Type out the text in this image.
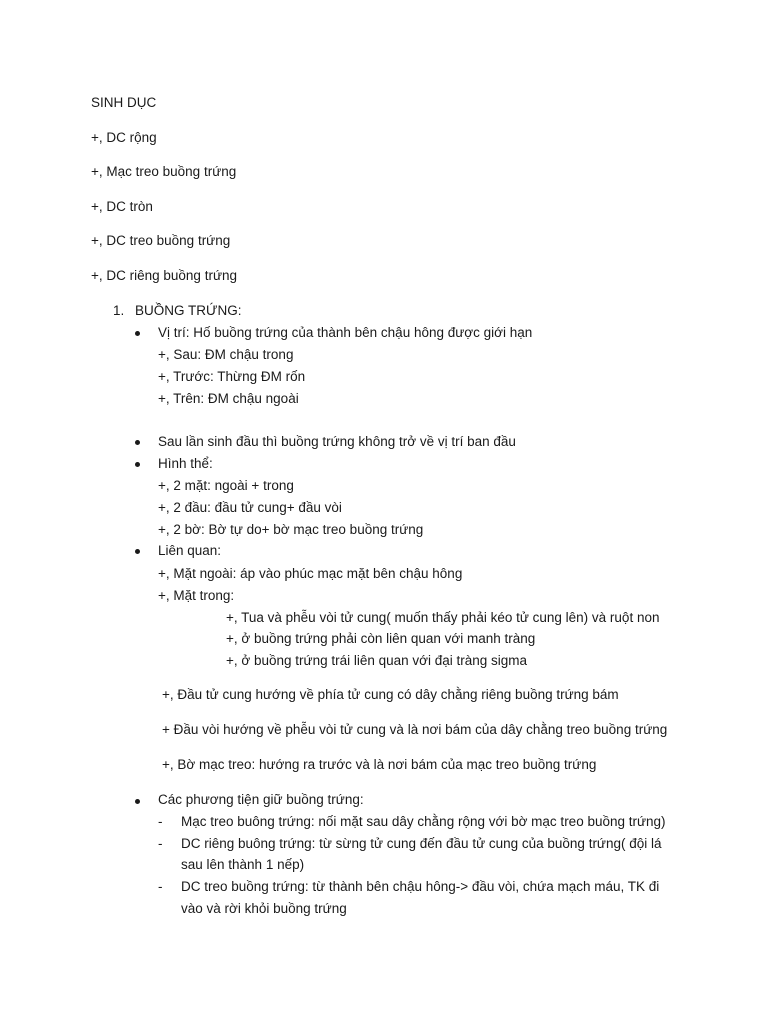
SINH DỤC
+, DC rộng
+, Mạc treo buồng trứng
+, DC tròn
+, DC treo buồng trứng
+, DC riêng buồng trứng
1. BUỒNG TRỨNG:
Vị trí: Hố buồng trứng của thành bên chậu hông được giới hạn
+, Sau: ĐM chậu trong
+, Trước: Thừng ĐM rốn
+, Trên: ĐM chậu ngoài
Sau lần sinh đầu thì buồng trứng không trở về vị trí ban đầu
Hình thể:
+, 2 mặt: ngoài + trong
+, 2 đầu: đầu tử cung+ đầu vòi
+, 2 bờ: Bờ tự do+ bờ mạc treo buồng trứng
Liên quan:
+, Mặt ngoài: áp vào phúc mạc mặt bên chậu hông
+, Mặt trong:
+, Tua và phễu vòi tử cung( muốn thấy phải kéo tử cung lên) và ruột non
+, ở buồng trứng phải còn liên quan với manh tràng
+, ở buồng trứng trái liên quan với đại tràng sigma
+, Đầu tử cung hướng về phía tử cung có dây chằng riêng buồng trứng bám
+ Đầu vòi hướng về phễu vòi tử cung và là nơi bám của dây chằng treo buồng trứng
+, Bờ mạc treo: hướng ra trước và là nơi bám của mạc treo buồng trứng
Các phương tiện giữ buồng trứng:
- Mạc treo buông trứng: nối mặt sau dây chằng rộng với bờ mạc treo buồng trứng)
- DC riêng buông trứng: từ sừng tử cung đến đầu tử cung của buồng trứng( đội lá
sau lên thành 1 nếp)
- DC treo buồng trứng: từ thành bên chậu hông-> đầu vòi, chứa mạch máu, TK đi
vào và rời khỏi buồng trứng
